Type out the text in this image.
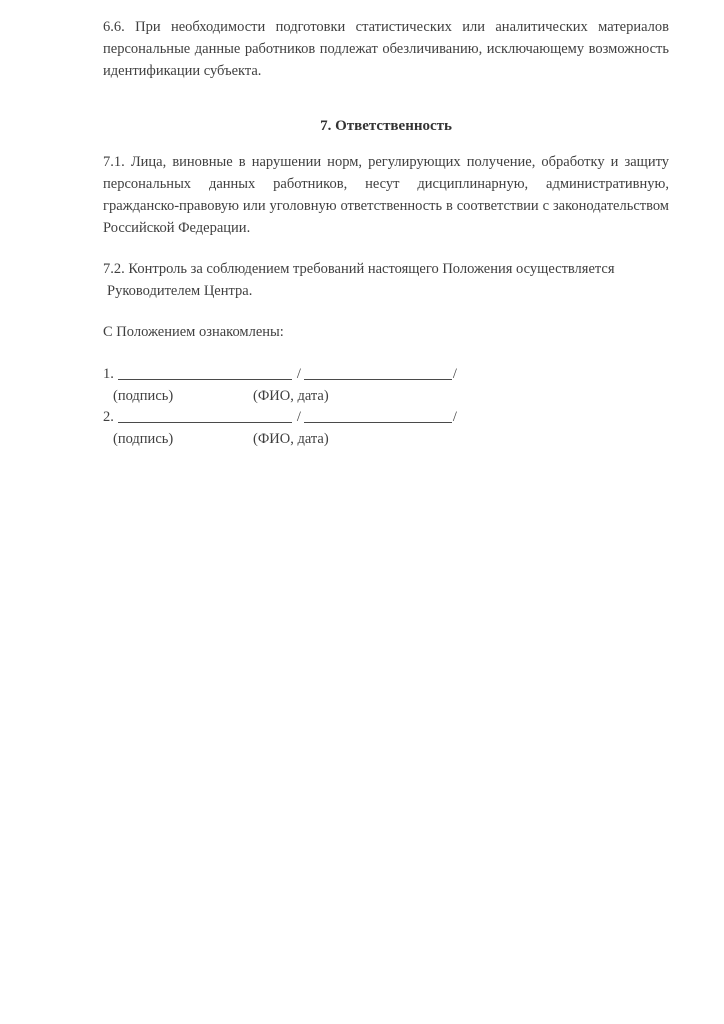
6.6. При необходимости подготовки статистических или аналитических материалов
персональные данные работников подлежат обезличиванию, исключающему возможность
идентификации субъекта.
7. Ответственность
7.1. Лица, виновные в нарушении норм, регулирующих получение, обработку и защиту
персональных данных работников, несут дисциплинарную, административную,
гражданско-правовую или уголовную ответственность в соответствии с законодательством
Российской Федерации.
7.2. Контроль за соблюдением требований настоящего Положения осуществляется
Руководителем Центра.
С Положением ознакомлены:
1.	/	/
(подпись)	(ФИО, дата)
2.	/	/
(подпись)	(ФИО, дата)
